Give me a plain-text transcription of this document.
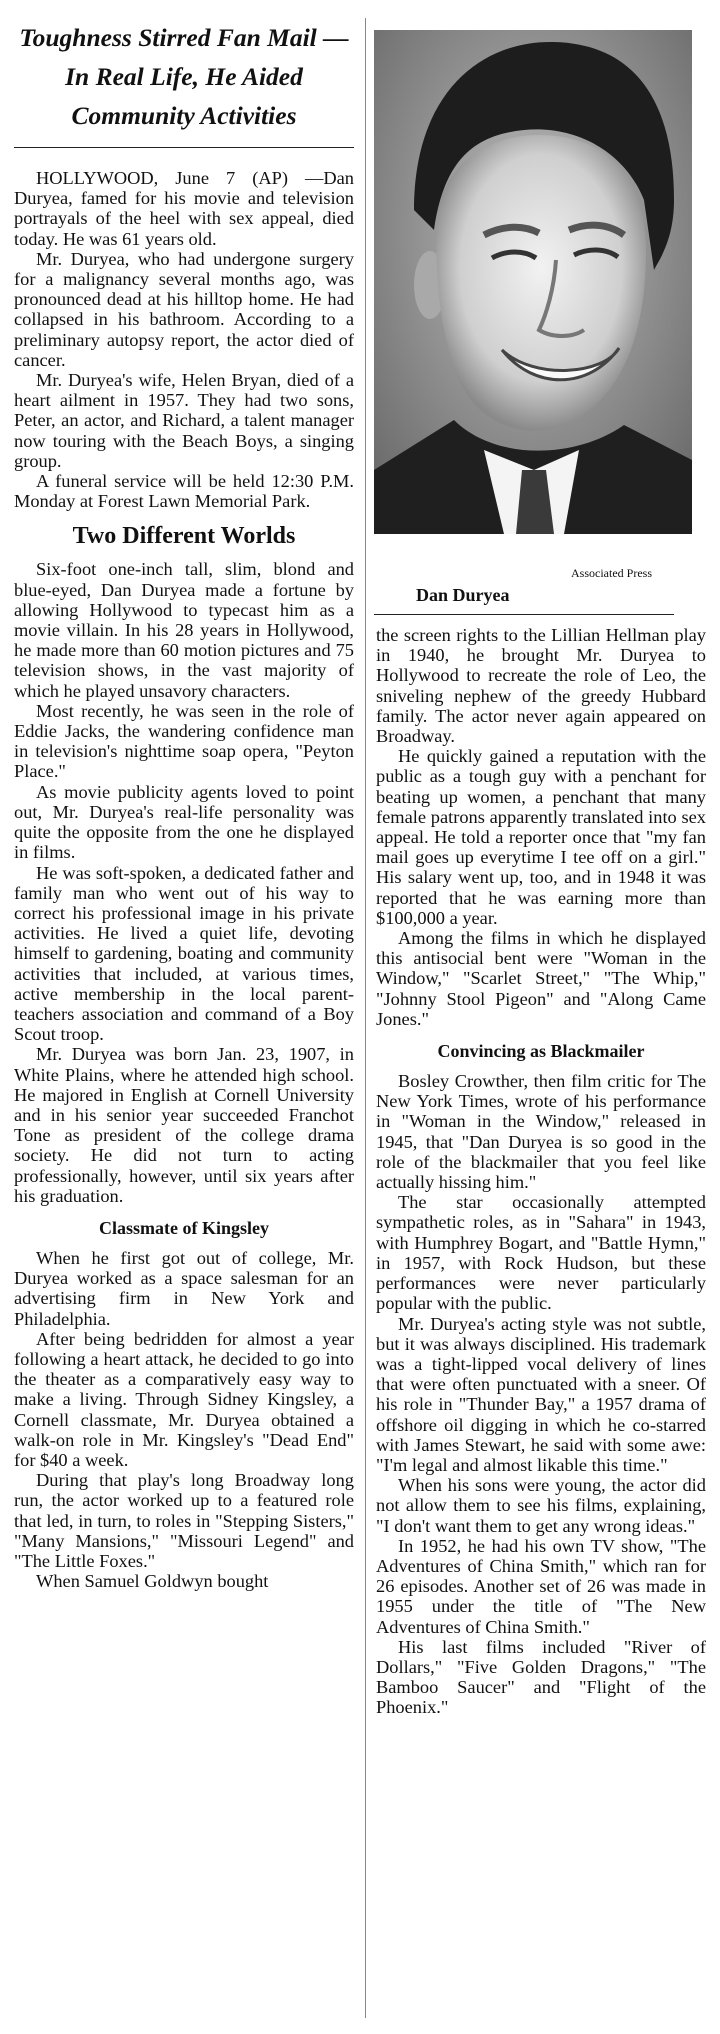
Toughness Stirred Fan Mail —In Real Life, He Aided Community Activities

HOLLYWOOD, June 7 (AP) —Dan Duryea, famed for his movie and television portrayals of the heel with sex appeal, died today. He was 61 years old.

Mr. Duryea, who had undergone surgery for a malignancy several months ago, was pronounced dead at his hilltop home. He had collapsed in his bathroom. According to a preliminary autopsy report, the actor died of cancer.

Mr. Duryea's wife, Helen Bryan, died of a heart ailment in 1957. They had two sons, Peter, an actor, and Richard, a talent manager now touring with the Beach Boys, a singing group.

A funeral service will be held 12:30 P.M. Monday at Forest Lawn Memorial Park.

Two Different Worlds

Six-foot one-inch tall, slim, blond and blue-eyed, Dan Duryea made a fortune by allowing Hollywood to typecast him as a movie villain. In his 28 years in Hollywood, he made more than 60 motion pictures and 75 television shows, in the vast majority of which he played unsavory characters.

Most recently, he was seen in the role of Eddie Jacks, the wandering confidence man in television's nighttime soap opera, "Peyton Place."

As movie publicity agents loved to point out, Mr. Duryea's real-life personality was quite the opposite from the one he displayed in films.

He was soft-spoken, a dedicated father and family man who went out of his way to correct his professional image in his private activities. He lived a quiet life, devoting himself to gardening, boating and community activities that included, at various times, active membership in the local parent-teachers association and command of a Boy Scout troop.

Mr. Duryea was born Jan. 23, 1907, in White Plains, where he attended high school. He majored in English at Cornell University and in his senior year succeeded Franchot Tone as president of the college drama society. He did not turn to acting professionally, however, until six years after his graduation.

Classmate of Kingsley

When he first got out of college, Mr. Duryea worked as a space salesman for an advertising firm in New York and Philadelphia.

After being bedridden for almost a year following a heart attack, he decided to go into the theater as a comparatively easy way to make a living. Through Sidney Kingsley, a Cornell classmate, Mr. Duryea obtained a walk-on role in Mr. Kingsley's "Dead End" for $40 a week.

During that play's long Broadway long run, the actor worked up to a featured role that led, in turn, to roles in "Stepping Sisters," "Many Mansions," "Missouri Legend" and "The Little Foxes."

When Samuel Goldwyn bought

Associated Press
Dan Duryea

the screen rights to the Lillian Hellman play in 1940, he brought Mr. Duryea to Hollywood to recreate the role of Leo, the sniveling nephew of the greedy Hubbard family. The actor never again appeared on Broadway.

He quickly gained a reputation with the public as a tough guy with a penchant for beating up women, a penchant that many female patrons apparently translated into sex appeal. He told a reporter once that "my fan mail goes up everytime I tee off on a girl." His salary went up, too, and in 1948 it was reported that he was earning more than $100,000 a year.

Among the films in which he displayed this antisocial bent were "Woman in the Window," "Scarlet Street," "The Whip," "Johnny Stool Pigeon" and "Along Came Jones."

Convincing as Blackmailer

Bosley Crowther, then film critic for The New York Times, wrote of his performance in "Woman in the Window," released in 1945, that "Dan Duryea is so good in the role of the blackmailer that you feel like actually hissing him."

The star occasionally attempted sympathetic roles, as in "Sahara" in 1943, with Humphrey Bogart, and "Battle Hymn," in 1957, with Rock Hudson, but these performances were never particularly popular with the public.

Mr. Duryea's acting style was not subtle, but it was always disciplined. His trademark was a tight-lipped vocal delivery of lines that were often punctuated with a sneer. Of his role in "Thunder Bay," a 1957 drama of offshore oil digging in which he co-starred with James Stewart, he said with some awe: "I'm legal and almost likable this time."

When his sons were young, the actor did not allow them to see his films, explaining, "I don't want them to get any wrong ideas."

In 1952, he had his own TV show, "The Adventures of China Smith," which ran for 26 episodes. Another set of 26 was made in 1955 under the title of "The New Adventures of China Smith."

His last films included "River of Dollars," "Five Golden Dragons," "The Bamboo Saucer" and "Flight of the Phoenix."
